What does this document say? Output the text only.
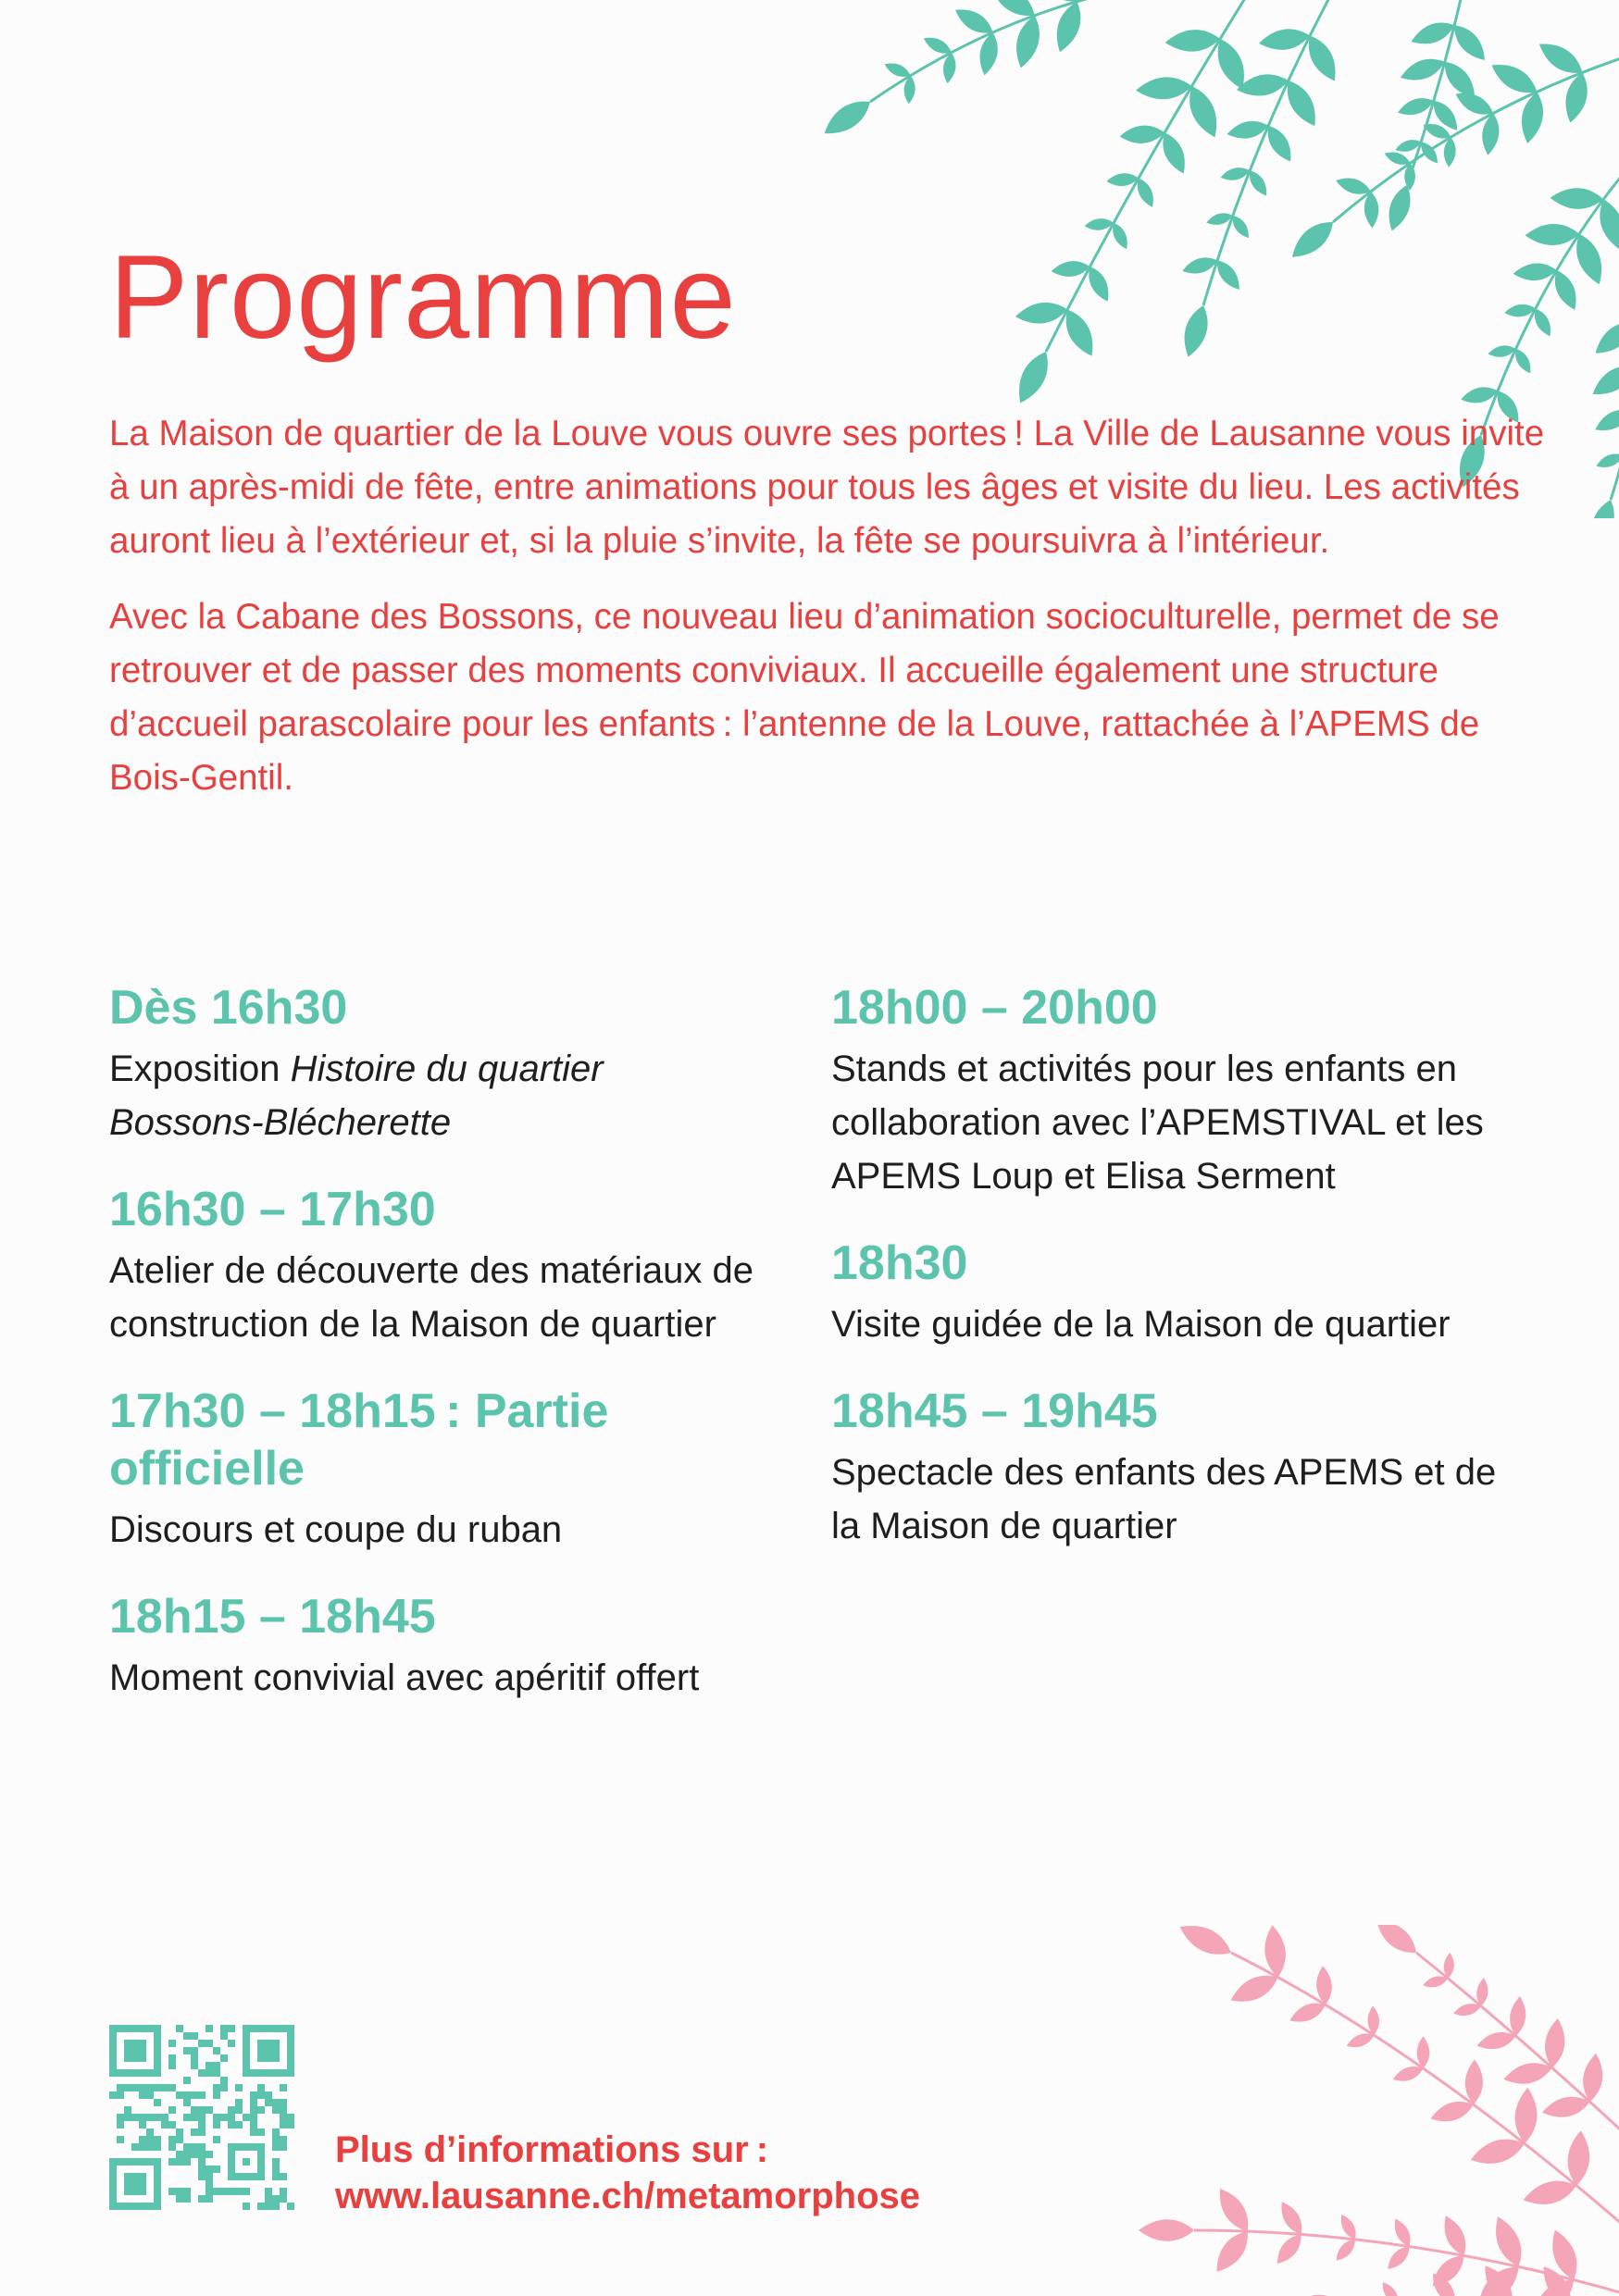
Programme

La Maison de quartier de la Louve vous ouvre ses portes ! La Ville de Lausanne vous invite à un après-midi de fête, entre animations pour tous les âges et visite du lieu. Les activités auront lieu à l’extérieur et, si la pluie s’invite, la fête se poursuivra à l’intérieur.

Avec la Cabane des Bossons, ce nouveau lieu d’animation socioculturelle, permet de se retrouver et de passer des moments conviviaux. Il accueille également une structure d’accueil parascolaire pour les enfants : l’antenne de la Louve, rattachée à l’APEMS de Bois-Gentil.

Dès 16h30
Exposition Histoire du quartier Bossons-Blécherette
16h30 – 17h30
Atelier de découverte des matériaux de construction de la Maison de quartier
17h30 – 18h15 : Partie officielle
Discours et coupe du ruban
18h15 – 18h45
Moment convivial avec apéritif offert
18h00 – 20h00
Stands et activités pour les enfants en collaboration avec l’APEMSTIVAL et les APEMS Loup et Elisa Serment
18h30
Visite guidée de la Maison de quartier
18h45 – 19h45
Spectacle des enfants des APEMS et de la Maison de quartier
Plus d’informations sur :
www.lausanne.ch/metamorphose
